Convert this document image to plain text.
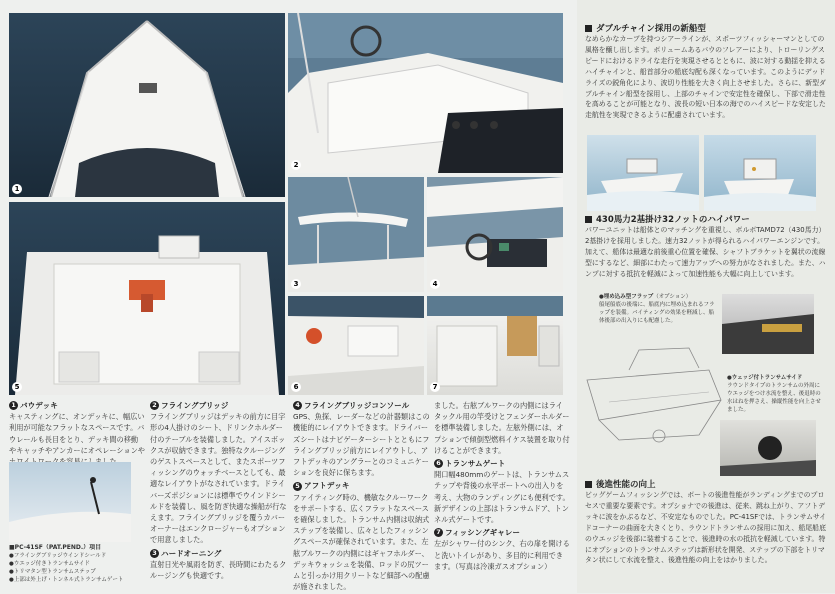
1
2
5
3	4
6	7
1 バウデッキ

キャスティングに、オンデッキに、幅広い利用が可能なフラットなスペースです。バウレールも長目をとり、デッキ間の移動やキャッチやアンカーにオペレーションや

■PC-41SF（PAT.PEND.）項目
●フライングブリッジウインドシールド
●ウエッジ付きトランサムサイド
●トリマタン型トランサムステップ
●上部は外上げ・トンネル式トランサムゲート
2 フライングブリッジ

フライングブリッジはデッキの前方に目字形の4人掛けのシート、ドリンクホルダー付のテーブルを装備しました。アイスボックスが収納できます。独特なクルージングのゲストスペースとして、またスポーツフィッシングのウォッチベースとしても、最適なレイアウトがなされています。ドライバーズポジションには標準でウインドシールドを装備し、風を防ぎ快適な操船が行なえます。フライングブリッジを覆うカバーオーナーはエンクロージャーもオプションで用意しました。

3 ハードオーニング

直射日光や風雨を防ぎ、長時間にわたるクルージングも快適です。

4 フライングブリッジコンソール

GPS、魚探、レーダーなどの計器類はこの機能的にレイアウトできます。ドライバーズシートはナビゲーターシートとともにフライングブリッジ前方にレイアウトし、アフトデッキのアングラーとのコミュニケーションを良好に保ちます。

5 アフトデッキ

ファイティング時の、機敏なクルーワークをサポートする、広くフラットなスペースを確保しました。トランサム内側は収納式ステップを装備し、広々としたフィッシングスペースが確保されています。また、左舷ブルワークの内側にはギャフホルダー、デッキウォッシュを装備、ロッドの尻ツームと引っかけ用クリートなど細部への配慮が施されました。

ました。右舷ブルワークの内側にはライタックル用の竿受けとフェンダーホルダーを標準装備しました。左舷外側には、オプションで傾倒型燃料イケス装置を取り付けることができます。

6 トランサムゲート

開口幅480mmのゲートは、トランサムステップや背後の水平ボートへの出入りを考え、大物のランディングにも便利です。新デザインの上部はトランサムドア、トンネル式ゲートです。

7 フィッシングギャレー

左がシャワー付のシンク、右の扉を開けると洗いトイレがあり、多目的に利用できます。（写真は冷凍ガスオプション）

ダブルチャイン採用の新船型

なめらかなカーブを持つシアーラインが、スポーツフィッシャーマンとしての風格を醸し出します。ボリュームあるバウのフレアーにより、トローリングスピードにおけるドライな走行を実現させるとともに、波に対する動揺を抑えるハイチャインと、船首部分の船底勾配も深くなっています。このようにデッドライズの鋭角化により、波切り性能を大きく向上させました。さらに、新型ダブルチャイン船型を採用し、上部のチャインで安定性を確保し、下部で滑走性を高めることが可能となり、波長の短い日本の海でのハイスピードな安定した走航性を実現できるように配慮されています。

430馬力2基掛け32ノットのハイパワー

パワーユニットは船体とのマッチングを重視し、ボルボTAMD72（430馬力）2基掛けを採用しました。速力32ノットが得られるハイパワーエンジンです。加えて、船体は最適な前後重心位置を確保、シャフトブラケットを翼状の流線型にするなど、細部にわたって速力アップへの努力がなされました。また、ハンプに対する抵抗を軽減によって加速性能も大幅に向上しています。

●埋め込み型フラップ（オプション）
船尾船底の後端に、船底内に埋め込まれるフラップを装備。バイティングの効果を軽減し、船体後部の出入りにも配慮した。
●ウェッジ付トランサムサイド
ラウンドタイプのトランサムの外周にウエッジをつけ水流を整え、後退時の水はねを押さえ、操縦性能を向上させました。
後進性能の向上

ビッグゲームフィッシングでは、ボートの後進性能がランディングまでのプロセスで重要な要素です。オプショナでの後進は、従来、跳ね上がり、アフトデッキに波をかぶるなど、不安定なものでした。PC-41SFでは、トランサムサイドコーナーの曲面を大きくとり、ラウンドトランサムの採用に加え、船尾船底のウエッジを後部に装着することで、後進時の水の抵抗を軽減しています。特にオプションのトランサムステップは新形状を開発、ステップの下部をトリマタン状にして水流を整え、後進性能の向上をはかりました。
